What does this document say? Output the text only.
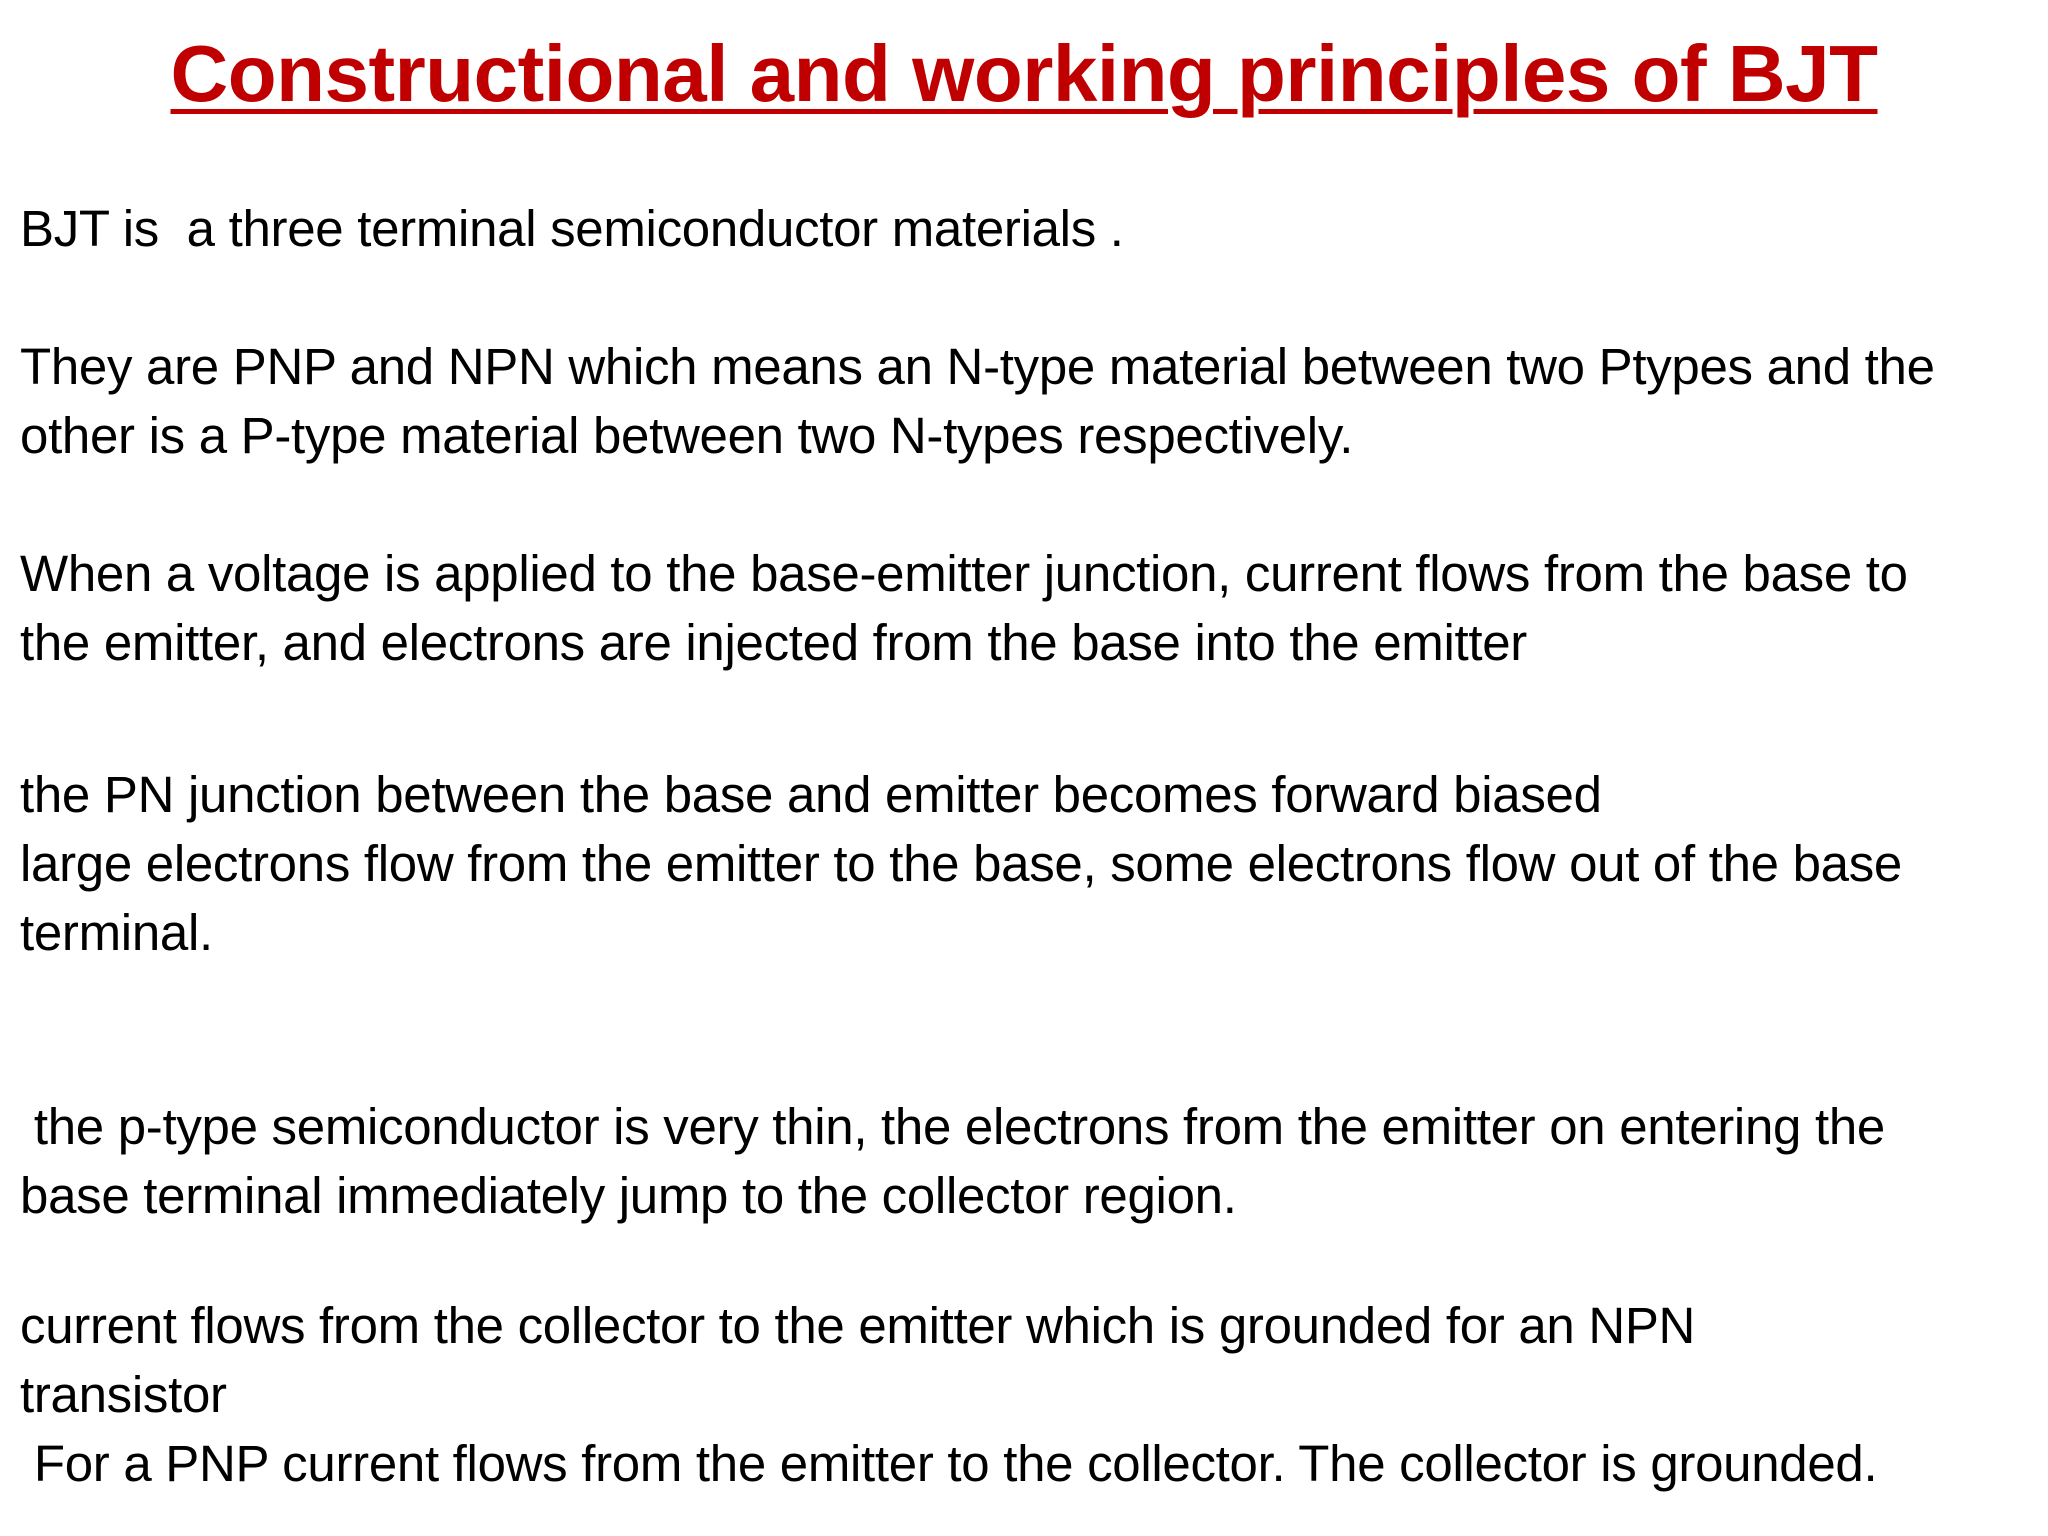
Constructional and working principles of BJT
BJT is  a three terminal semiconductor materials .
They are PNP and NPN which means an N-type material between two Ptypes and the
other is a P-type material between two N-types respectively.
When a voltage is applied to the base-emitter junction, current flows from the base to
the emitter, and electrons are injected from the base into the emitter
the PN junction between the base and emitter becomes forward biased
large electrons flow from the emitter to the base, some electrons flow out of the base
terminal.
the p-type semiconductor is very thin, the electrons from the emitter on entering the
base terminal immediately jump to the collector region.
current flows from the collector to the emitter which is grounded for an NPN
transistor
For a PNP current flows from the emitter to the collector. The collector is grounded.
